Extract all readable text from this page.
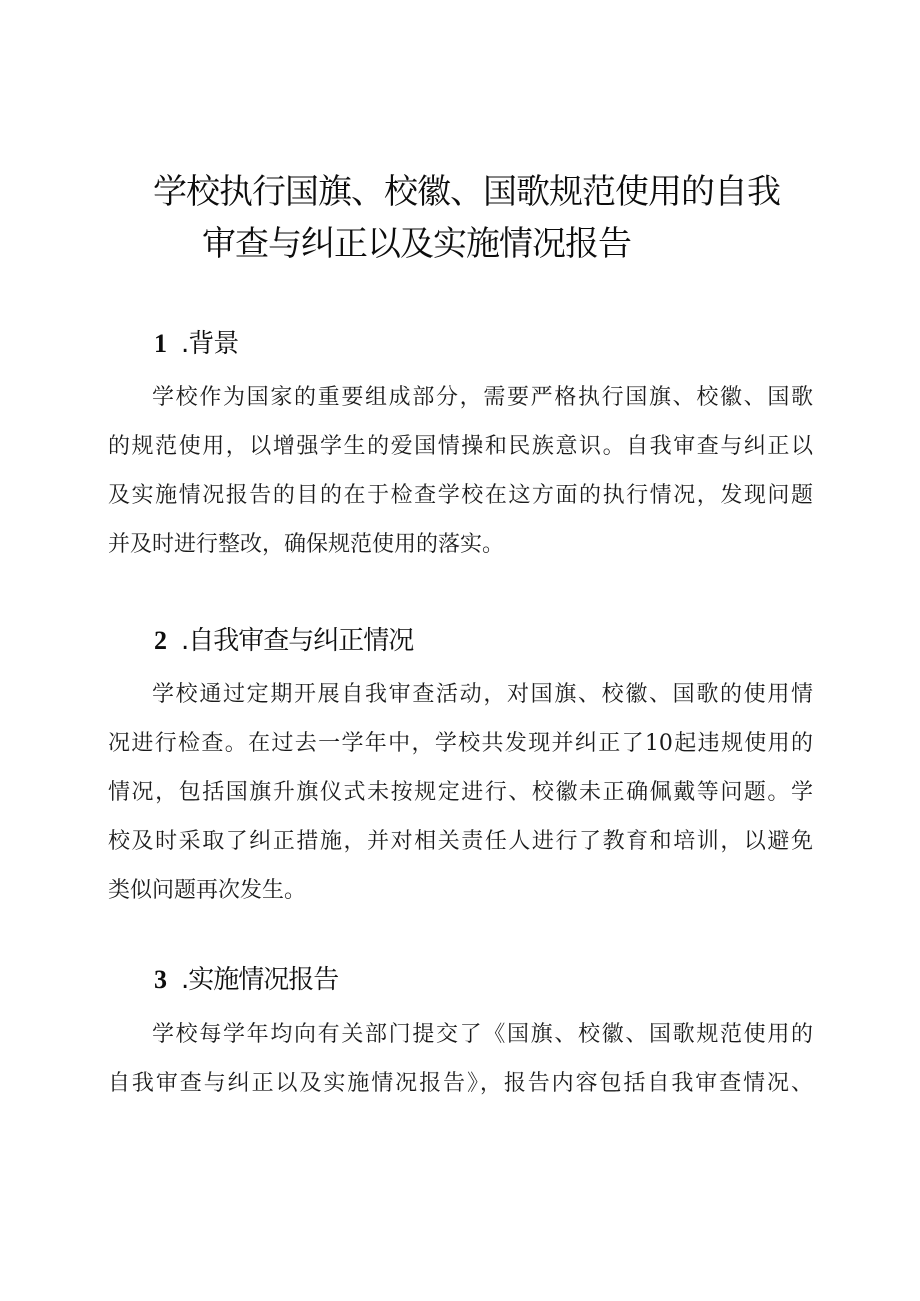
学校执行国旗、校徽、国歌规范使用的自我
审查与纠正以及实施情况报告
1 .背景
学校作为国家的重要组成部分，需要严格执行国旗、校徽、国歌
的规范使用，以增强学生的爱国情操和民族意识。自我审查与纠正以
及实施情况报告的目的在于检查学校在这方面的执行情况，发现问题
并及时进行整改，确保规范使用的落实。
2 .自我审查与纠正情况
学校通过定期开展自我审查活动，对国旗、校徽、国歌的使用情
况进行检查。在过去一学年中，学校共发现并纠正了10起违规使用的
情况，包括国旗升旗仪式未按规定进行、校徽未正确佩戴等问题。学
校及时采取了纠正措施，并对相关责任人进行了教育和培训，以避免
类似问题再次发生。
3 .实施情况报告
学校每学年均向有关部门提交了《国旗、校徽、国歌规范使用的
自我审查与纠正以及实施情况报告》，报告内容包括自我审查情况、
